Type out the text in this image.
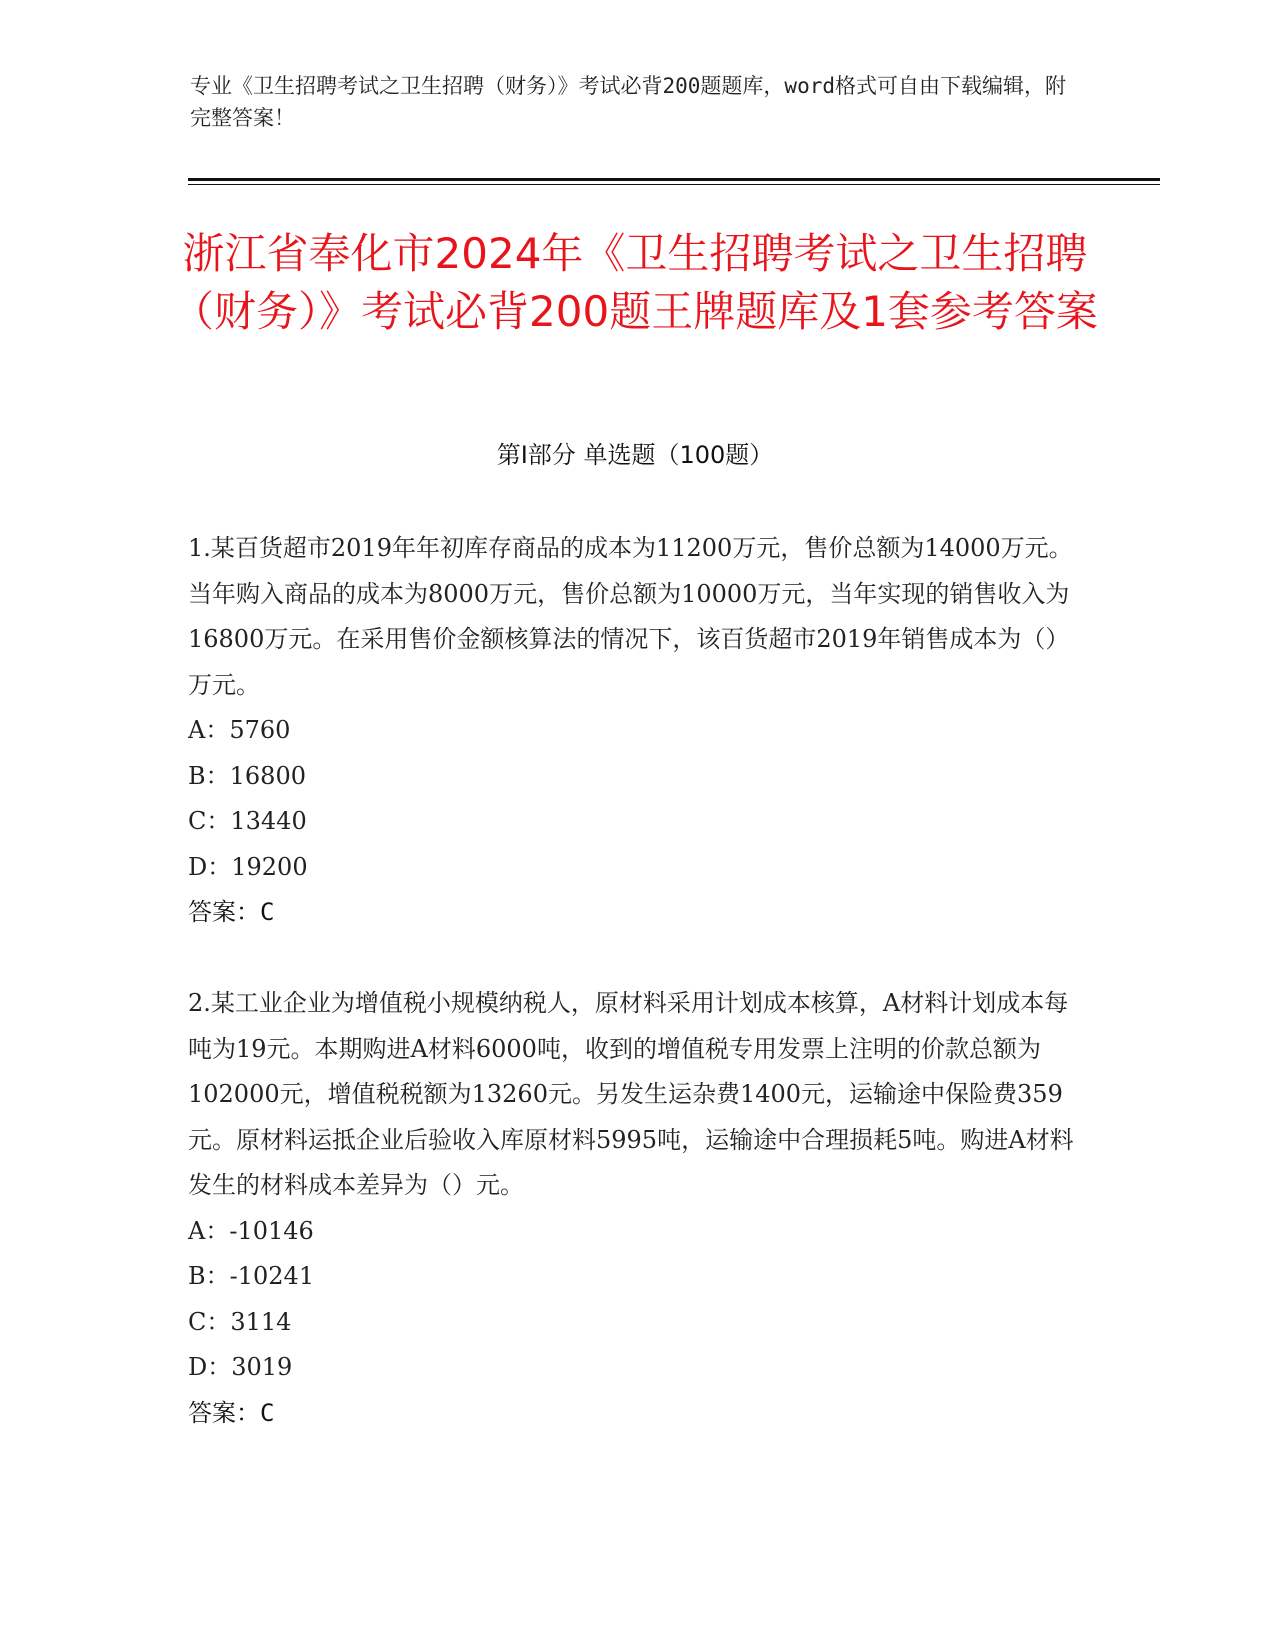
专业《卫生招聘考试之卫生招聘（财务）》考试必背200题题库，word格式可自由下载编辑，附完整答案！
浙江省奉化市2024年《卫生招聘考试之卫生招聘（财务）》考试必背200题王牌题库及1套参考答案
第Ⅰ部分 单选题（100题）

1.某百货超市2019年年初库存商品的成本为11200万元，售价总额为14000万元。当年购入商品的成本为8000万元，售价总额为10000万元，当年实现的销售收入为16800万元。在采用售价金额核算法的情况下，该百货超市2019年销售成本为（）万元。

A：5760

B：16800

C：13440

D：19200

答案：C

2.某工业企业为增值税小规模纳税人，原材料采用计划成本核算，A材料计划成本每吨为19元。本期购进A材料6000吨，收到的增值税专用发票上注明的价款总额为102000元，增值税税额为13260元。另发生运杂费1400元，运输途中保险费359元。原材料运抵企业后验收入库原材料5995吨，运输途中合理损耗5吨。购进A材料发生的材料成本差异为（）元。

A：-10146

B：-10241

C：3114

D：3019

答案：C
